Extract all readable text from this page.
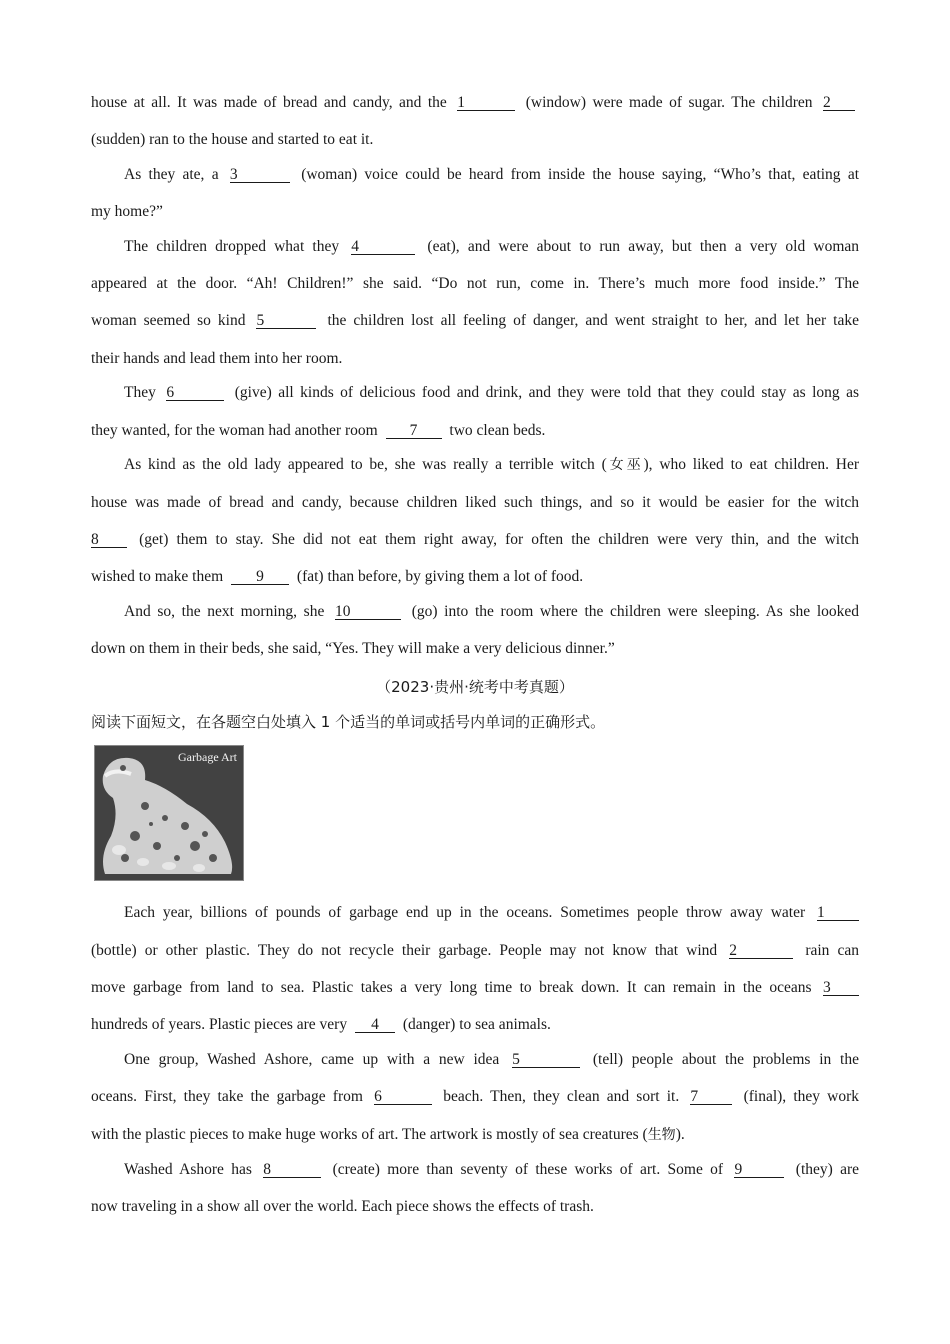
house at all. It was made of bread and candy, and the 1	(window) were made of sugar. The children 2
(sudden) ran to the house and started to eat it.
As they ate, a 3	(woman) voice could be heard from inside the house saying, “Who’s that, eating at
my home?”
The children dropped what they 4	(eat), and were about to run away, but then a very old woman
appeared at the door. “Ah! Children!” she said. “Do not run, come in. There’s much more food inside.” The
woman seemed so kind 5	the children lost all feeling of danger, and went straight to her, and let her take
their hands and lead them into her room.
They 6	(give) all kinds of delicious food and drink, and they were told that they could stay as long as
they wanted, for the woman had another room 7 two clean beds.
As kind as the old lady appeared to be, she was really a terrible witch (女巫), who liked to eat children. Her
house was made of bread and candy, because children liked such things, and so it would be easier for the witch
8	(get) them to stay. She did not eat them right away, for often the children were very thin, and the witch
wished to make them 9 (fat) than before, by giving them a lot of food.
And so, the next morning, she 10	(go) into the room where the children were sleeping. As she looked
down on them in their beds, she said, “Yes. They will make a very delicious dinner.”
（2023·贵州·统考中考真题）
阅读下面短文，在各题空白处填入 1 个适当的单词或括号内单词的正确形式。
Garbage Art
Each year, billions of pounds of garbage end up in the oceans. Sometimes people throw away water 1
(bottle) or other plastic. They do not recycle their garbage. People may not know that wind 2	rain can
move garbage from land to sea. Plastic takes a very long time to break down. It can remain in the oceans 3
hundreds of years. Plastic pieces are very 4 (danger) to sea animals.
One group, Washed Ashore, came up with a new idea 5	(tell) people about the problems in the
oceans. First, they take the garbage from 6	beach. Then, they clean and sort it. 7	(final), they work
with the plastic pieces to make huge works of art. The artwork is mostly of sea creatures (生物).
Washed Ashore has 8	(create) more than seventy of these works of art. Some of 9	(they) are
now traveling in a show all over the world. Each piece shows the effects of trash.
